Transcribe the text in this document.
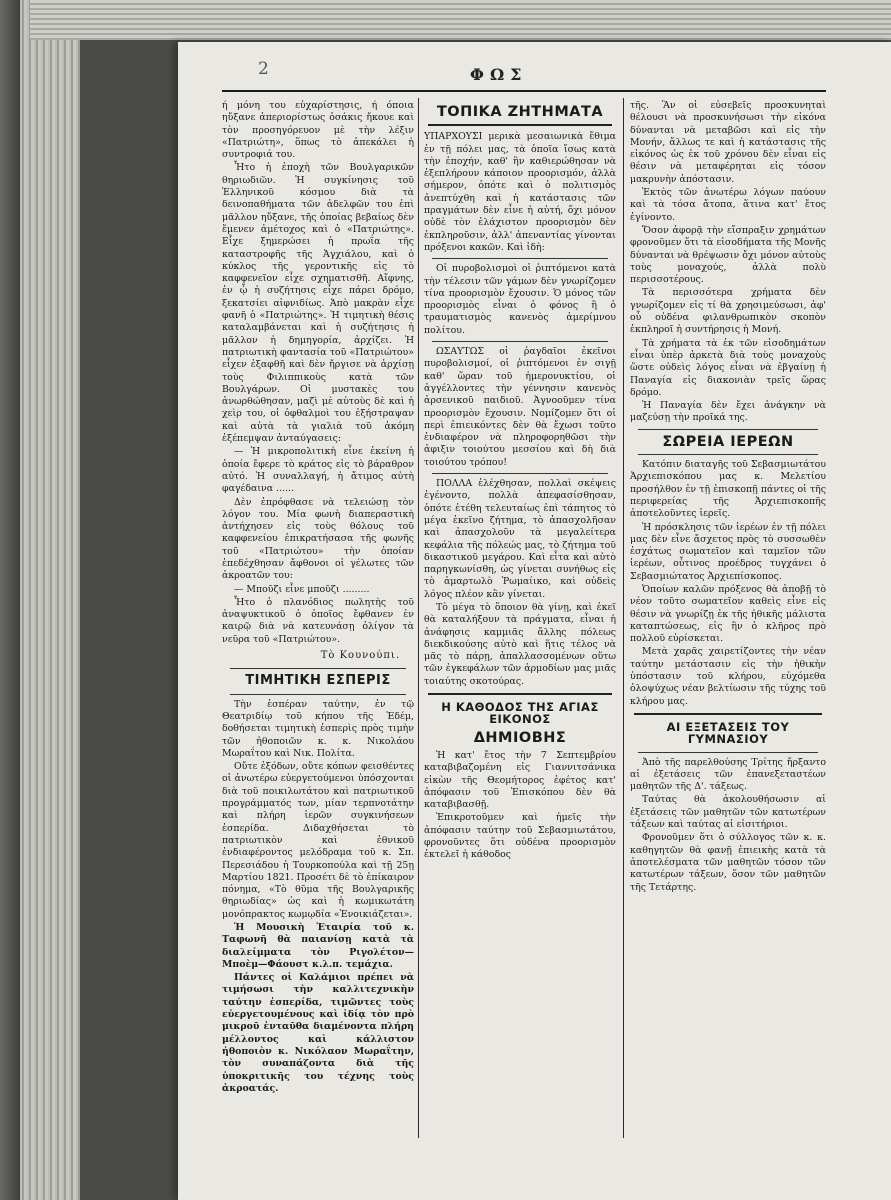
2	ΦΩΣ

ή μόνη του εὐχαρίστησις, ή όποια ηὔξανε ἀπεριορίστως ὁσάκις ἤκουε καὶ τὸν προσηγόρευον μὲ τὴν λέξιν «Πατριώτη», ὅπως τὸ ἀπεκάλει ἡ συντροφιά του.

Ἦτο ἡ ἐποχὴ τῶν Βουλγαρικῶν θηριωδιῶν. Ἡ συγκίνησις τοῦ Ἑλληνικοῦ κόσμου διὰ τὰ δεινοπαθήματα τῶν ἀδελφῶν του ἐπὶ μᾶλλον ηὔξανε, τῆς ὁποίας βεβαίως δὲν ἔμενεν ἀμέτοχος καὶ ὁ «Πατριώτης». Εἶχε ξημερώσει ἡ πρωΐα τῆς καταστροφῆς τῆς Ἀγχιάλου, καὶ ὁ κύκλος τῆς γεροντικῆς εἰς τὸ καφφενεῖον εἶχε σχηματισθῆ. Αἴφνης, ἐν ᾧ ἡ συζήτησις εἶχε πάρει δρόμο, ξεκατσίει αἰφνιδίως. Ἀπὸ μακρὰν εἶχε φανῆ ὁ «Πατριώτης». Ἡ τιμητικὴ θέσις καταλαμβάνεται καὶ ἡ συζήτησις ἡ μᾶλλον ἡ δημηγορία, ἀρχίζει. Ἡ πατριωτικὴ φαντασία τοῦ «Πατριώτου» εἶχεν ἐξαφθῆ καὶ δὲν ἤργισε νὰ ἀρχίσῃ τοὺς Φιλιππικοὺς κατὰ τῶν Βουλγάρων. Οἱ μυστακὲς του ἀνωρθώθησαν, μαζὶ μὲ αὐτοὺς δὲ καὶ ἡ χεὶρ του, οἱ ὀφθαλμοὶ του ἐξήστραψαν καὶ αὐτὰ τὰ γιαλιὰ τοῦ ἀκόμη ἐξέπεμψαν ἀνταύγασεις:

— Ἡ μικροπολιτικὴ εἶνε ἐκείνη ἡ ὁποία ἔφερε τὸ κράτος εἰς τὸ βάραθρον αὐτό. Ἡ συναλλαγή, ἡ ἄτιμος αὐτὴ φαγέδαινα ......

Δὲν ἐπρόφθασε νὰ τελειώσῃ τὸν λόγον του. Μία φωνὴ διαπεραστικὴ ἀντήχησεν εἰς τοὺς θόλους τοῦ καφφενείου ἐπικρατήσασα τῆς φωνῆς τοῦ «Πατριώτου» τὴν ὁποίαν ἐπεδέχθησαν ἄφθονοι οἱ γέλωτες τῶν ἀκροατῶν του:

— Μποῦζι εἶνε μποῦζι .........

Ἦτο ὁ πλανόδιος πωλητὴς τοῦ ἀναψυκτικοῦ ὁ ὁποῖος ἔφθανεν ἐν καιρῷ διὰ νὰ κατευνάσῃ ὀλίγον τὰ νεῦρα τοῦ «Πατριώτου».

Τὸ Κουνούπι.
ΤΙΜΗΤΙΚΗ ΕΣΠΕΡΙΣ

Τὴν ἑσπέραν ταύτην, ἐν τῷ Θεατριδίῳ τοῦ κήπου τῆς Ἐδέμ, δοθήσεται τιμητικὴ ἑσπερὶς πρὸς τιμὴν τῶν ἠθοποιῶν κ. κ. Νικολάου Μωραΐτου καὶ Νικ. Πολίτα.

Οὔτε ἐξόδων, οὔτε κόπων φεισθέντες οἱ ἀνωτέρω εὐεργετούμενοι ὑπόσχονται διὰ τοῦ ποικιλωτάτου καὶ πατριωτικοῦ προγράμματός των, μίαν τερπνοτάτην καὶ πλήρη ἱερῶν συγκινήσεων ἑσπερίδα. Διδαχθήσεται τὸ πατριωτικὸν καὶ ἐθνικοῦ ἐνδιαφέροντος μελόδραμα τοῦ κ. Σπ. Περεσιάδου ἡ Τουρκοπούλα καὶ τῇ 25ῃ Μαρτίου 1821. Προσέτι δὲ τὸ ἐπίκαιρον πόνημα, «Τὸ θῦμα τῆς Βουλγαρικῆς θηριωδίας» ὡς καὶ ἡ κωμικωτάτη μονόπρακτος κωμῳδία «Ἐνοικιάζεται».

Ἡ Μουσικὴ Ἑταιρία τοῦ κ. Ταφωνῆ θὰ παιανίσῃ κατὰ τὰ διαλείμματα τὸν Ριγολέτον—Μποὲμ—Φάουστ κ.λ.π. τεμάχια.

Πάντες οἱ Καλάμιοι πρέπει νὰ τιμήσωσι τὴν καλλιτεχνικὴν ταύτην ἑσπερίδα, τιμῶντες τοὺς εὐεργετουμένους καὶ ἰδίᾳ τὸν πρὸ μικροῦ ἐνταῦθα διαμένοντα πλήρη μέλλοντος καὶ κάλλιστον ἠθοποιὸν κ. Νικόλαον Μωραΐτην, τὸν συναπάζοντα διὰ τῆς ὑποκριτικῆς του τέχνης τοὺς ἀκροατάς.

ΤΟΠΙΚΑ ΖΗΤΗΜΑΤΑ

ΥΠΑΡΧΟΥΣΙ μερικὰ μεσαιωνικὰ ἔθιμα ἐν τῇ πόλει μας, τὰ ὁποῖα ἴσως κατὰ τὴν ἐποχήν, καθ' ἣν καθιερώθησαν νὰ ἐξεπλήρουν κάποιον προορισμόν, ἀλλὰ σήμερον, ὁπότε καὶ ὁ πολιτισμὸς ἀνεπτύχθη καὶ ἡ κατάστασις τῶν πραγμάτων δὲν εἶνε ἡ αὐτή, ὄχι μόνον οὐδὲ τὸν ἐλάχιστον προορισμὸν δὲν ἐκπληροῦσιν, ἀλλ' ἀπεναντίας γίνονται πρόξενοι κακῶν. Καὶ ἰδὴ:

Οἱ πυροβολισμοὶ οἱ ῥιπτόμενοι κατὰ τὴν τέλεσιν τῶν γάμων δὲν γνωρίζομεν τίνα προορισμὸν ἔχουσιν. Ὁ μόνος τῶν προορισμὸς εἶναι ὁ φόνος ἢ ὁ τραυματισμὸς κανενὸς ἀμερίμνου πολίτου.

ΩΣΑΥΤΩΣ οἱ ῥαγδαῖοι ἐκεῖνοι πυροβολισμοί, οἱ ῥιπτόμενοι ἐν σιγῇ καθ' ὥραν τοῦ ἡμερονυκτίου, οἱ ἀγγέλλοντες τὴν γέννησιν κανενὸς ἀρσενικοῦ παιδιοῦ. Ἀγνοοῦμεν τίνα προορισμὸν ἔχουσιν. Νομίζομεν ὅτι οἱ περὶ ἐπιεικόντες δὲν θὰ ἔχωσι τοῦτο ἐνδιαφέρον νὰ πληροφορηθῶσι τὴν ἀφιξιν τοιούτου μεσσίου καὶ δὴ διὰ τοιούτου τρόπου!

ΠΟΛΛΑ ἐλέχθησαν, πολλαὶ σκέψεις ἐγένοντο, πολλὰ ἀπεφασίσθησαν, ὁπότε ἐτέθη τελευταίως ἐπὶ τάπητος τὸ μέγα ἐκεῖνο ζήτημα, τὸ ἀπασχολῆσαν καὶ ἀπασχολοῦν τὰ μεγαλείτερα κεφάλια τῆς πόλεώς μας, τὸ ζήτημα τοῦ δικαστικοῦ μεγάρου. Καὶ εἶτα καὶ αὐτὸ παρηγκωνίσθη, ὡς γίνεται συνήθως εἰς τὸ ἀμαρτωλὸ Ῥωμαίικο, καὶ οὐδεὶς λόγος πλέον κἂν γίνεται.

Τὸ μέγα τὸ ὅποιον θὰ γίνῃ, καὶ ἐκεῖ θὰ καταλήξουν τὰ πράγματα, εἶναι ἡ ἀνάφησις καμμιᾶς ἄλλης πόλεως διεκδικούσης αὐτὸ καὶ ἥτις τέλος νὰ μᾶς τὸ πάρῃ, ἀπαλλασσομένων οὕτω τῶν ἐγκεφάλων τῶν ἁρμοδίων μας μιᾶς τοιαύτης σκοτούρας.

Η ΚΑΘΟΔΟΣ ΤΗΣ ΑΓΙΑΣ ΕΙΚΟΝΟΣ
ΔΗΜΙΟΒΗΣ

Ἡ κατ' ἔτος τὴν 7 Σεπτεμβρίου καταβιβαζομένη εἰς Γιαννιτσάνικα εἰκὼν τῆς Θεομήτορος ἐφέτος κατ' ἀπόφασιν τοῦ Ἐπισκόπου δὲν θὰ καταβιβασθῇ.

Ἐπικροτοῦμεν καὶ ἡμεῖς τὴν ἀπόφασιν ταύτην τοῦ Σεβασμιωτάτου, φρονοῦντες ὅτι οὐδένα προορισμὸν ἐκτελεῖ ἡ κάθοδος

τῆς. Ἂν οἱ εὐσεβεῖς προσκυνηταὶ θέλουσι νὰ προσκυνήσωσι τὴν εἰκόνα δύνανται νὰ μεταβῶσι καὶ εἰς τὴν Μονήν, ἄλλως τε καὶ ἡ κατάστασις τῆς εἰκόνος ὡς ἐκ τοῦ χρόνου δὲν εἶναι εἰς θέσιν νὰ μεταφέρηται εἰς τόσον μακρυνὴν ἀπόστασιν.

Ἐκτὸς τῶν ἀνωτέρω λόγων παύουν καὶ τὰ τόσα ἄτοπα, ἅτινα κατ' ἔτος ἐγίνοντο.

Ὅσον ἀφορᾷ τὴν εἴσπραξιν χρημάτων φρονοῦμεν ὅτι τὰ εἰσοδήματα τῆς Μονῆς δύνανται νὰ θρέψωσιν ὄχι μόνον αὐτοὺς τοὺς μοναχούς, ἀλλὰ πολὺ περισσοτέρους.

Τὰ περισσότερα χρήματα δὲν γνωρίζομεν εἰς τί θὰ χρησιμεύσωσι, ἀφ' οὗ οὐδένα φιλανθρωπικὸν σκοπὸν ἐκπληροῖ ἡ συντήρησις ἡ Μονή.

Τὰ χρήματα τὰ ἐκ τῶν εἰσοδημάτων εἶναι ὑπὲρ ἀρκετὰ διὰ τοὺς μοναχοὺς ὥστε οὐδεὶς λόγος εἶναι νὰ ἐβγαίνῃ ἡ Παναγία εἰς διακονιὰν τρεῖς ὥρας δρόμο.

Ἡ Παναγία δὲν ἔχει ἀνάγκην νὰ μαζεύσῃ τὴν προῖκά της.

ΣΩΡΕΙΑ ΙΕΡΕΩΝ

Κατόπιν διαταγῆς τοῦ Σεβασμιωτάτου Ἀρχιεπισκόπου μας κ. Μελετίου προσήλθον ἐν τῇ ἐπισκοπῇ πάντες οἱ τῆς περιφερείας τῆς Ἀρχιεπισκοπῆς ἀποτελοῦντες ἱερεῖς.

Ἡ πρόσκλησις τῶν ἱερέων ἐν τῇ πόλει μας δὲν εἶνε ἄσχετος πρὸς τὸ συσσωθὲν ἐσχάτως σωματεῖον καὶ ταμεῖον τῶν ἱερέων, οὗτινος προέδρος τυγχάνει ὁ Σεβασμιώτατος Ἀρχιεπίσκοπος.

Ὁποίων καλῶν πρόξενος θὰ ἀποβῇ τὸ νέον τοῦτο σωματεῖον καθεὶς εἶνε εἰς θέσιν νὰ γνωρίζῃ ἐκ τῆς ἠθικῆς μάλιστα καταπτώσεως, εἰς ἣν ὁ κλῆρος πρὸ πολλοῦ εὑρίσκεται.

Μετὰ χαρᾶς χαιρετίζοντες τὴν νέαν ταύτην μετάστασιν εἰς τὴν ἠθικὴν ὑπόστασιν τοῦ κλήρου, εὐχόμεθα ὁλοψύχως νέαν βελτίωσιν τῆς τύχης τοῦ κλήρου μας.

ΑΙ ΕΞΕΤΑΣΕΙΣ ΤΟΥ ΓΥΜΝΑΣΙΟΥ

Ἀπὸ τῆς παρελθούσης Τρίτης ἤρξαντο αἱ ἐξετάσεις τῶν ἐπανεξεταστέων μαθητῶν τῆς Δ'. τάξεως.

Ταύτας θὰ ἀκολουθήσωσιν αἱ ἐξετάσεις τῶν μαθητῶν τῶν κατωτέρων τάξεων καὶ ταύτας αἱ εἰσιτήριοι.

Φρονοῦμεν ὅτι ὁ σύλλογος τῶν κ. κ. καθηγητῶν θὰ φανῇ ἐπιεικὴς κατὰ τὰ ἀποτελέσματα τῶν μαθητῶν τόσον τῶν κατωτέρων τάξεων, ὅσον τῶν μαθητῶν τῆς Τετάρτης.
